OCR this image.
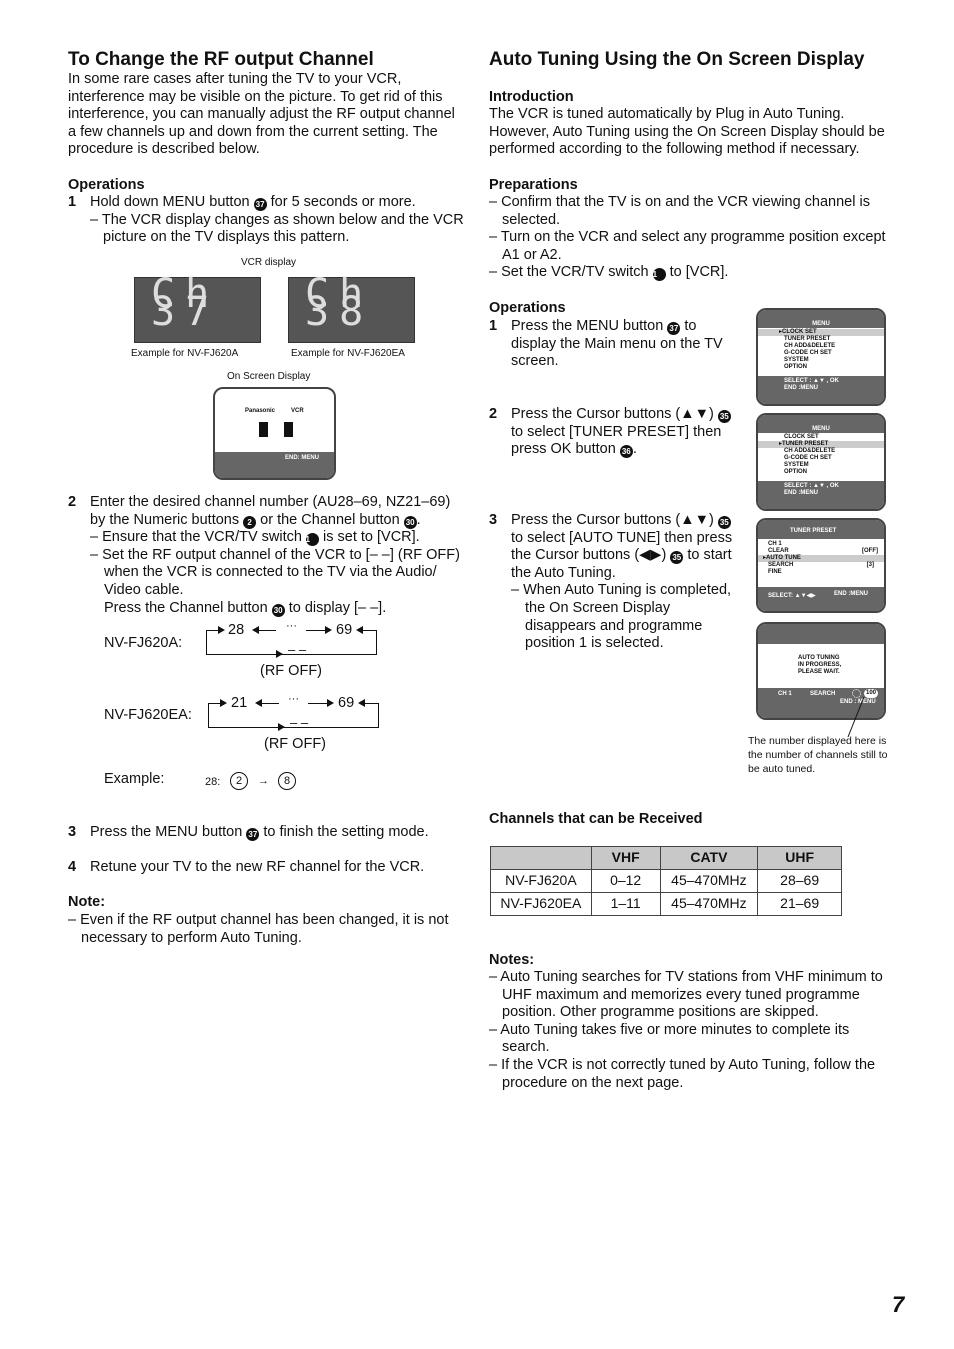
To Change the RF output Channel

In some rare cases after tuning the TV to your VCR, interference may be visible on the picture. To get rid of this interference, you can manually adjust the RF output channel a few channels up and down from the current setting. The procedure is described below.

Operations
1 Hold down MENU button 37 for 5 seconds or more.
– The VCR display changes as shown below and the VCR picture on the TV displays this pattern.
VCR display
Ch 37	Ch 38
Example for NV-FJ620A	Example for NV-FJ620EA
On Screen Display
Panasonic	VCR
END: MENU
2 Enter the desired channel number (AU28–69, NZ21–69) by the Numeric buttons 2 or the Channel button 30 .
– Ensure that the VCR/TV switch 21 is set to [VCR].
– Set the RF output channel of the VCR to [– –] (RF OFF) when the VCR is connected to the TV via the Audio/ Video cable.
Press the Channel button 30 to display [– –].
NV-FJ620A:
28	···	69
– –
(RF OFF)
NV-FJ620EA:
21	···	69
– –
(RF OFF)
Example:	28:	2	→	8
3 Press the MENU button 37 to finish the setting mode.
4 Retune your TV to the new RF channel for the VCR.
Note:
– Even if the RF output channel has been changed, it is not necessary to perform Auto Tuning.
Auto Tuning Using the On Screen Display
Introduction

The VCR is tuned automatically by Plug in Auto Tuning. However, Auto Tuning using the On Screen Display should be performed according to the following method if necessary.

Preparations
– Confirm that the TV is on and the VCR viewing channel is selected.
– Turn on the VCR and select any programme position except A1 or A2.
– Set the VCR/TV switch 21 to [VCR].
Operations
1 Press the MENU button 37 to display the Main menu on the TV screen.
2 Press the Cursor buttons (▲▼) 35 to select [TUNER PRESET] then press OK button 36 .
3 Press the Cursor buttons (▲▼) 35 to select [AUTO TUNE] then press the Cursor buttons (◀▶) 35 to start the Auto Tuning.
– When Auto Tuning is completed, the On Screen Display disappears and programme position 1 is selected.
MENU
▸CLOCK SET
TUNER PRESET
CH ADD&DELETE
G-CODE CH SET
SYSTEM
OPTION
SELECT : ▲▼ , OK
END :MENU
MENU
CLOCK SET
▸TUNER PRESET
CH ADD&DELETE
G-CODE CH SET
SYSTEM
OPTION
SELECT : ▲▼ , OK
END :MENU
TUNER PRESET
CH 1
CLEAR	[OFF]
▸AUTO TUNE
SEARCH	[3]
FINE
SELECT: ▲▼◀▶	END :MENU
AUTO TUNING
IN PROGRESS,
PLEASE WAIT.
CH 1	SEARCH	100
END : MENU
The number displayed here is the number of channels still to be auto tuned.
Channels that can be Received
	VHF	CATV	UHF
NV-FJ620A	0–12	45–470MHz	28–69
NV-FJ620EA	1–11	45–470MHz	21–69
Notes:
– Auto Tuning searches for TV stations from VHF minimum to UHF maximum and memorizes every tuned programme position. Other programme positions are skipped.
– Auto Tuning takes five or more minutes to complete its search.
– If the VCR is not correctly tuned by Auto Tuning, follow the procedure on the next page.
7
